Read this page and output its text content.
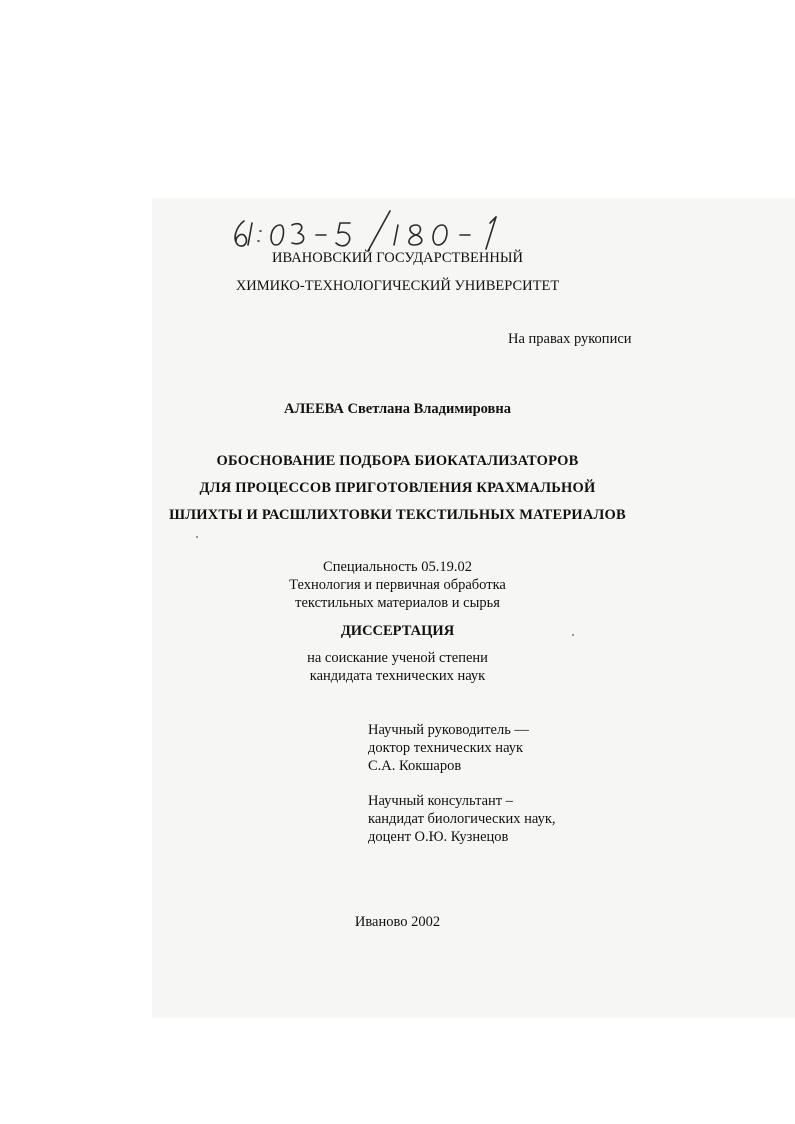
ИВАНОВСКИЙ ГОСУДАРСТВЕННЫЙ
ХИМИКО-ТЕХНОЛОГИЧЕСКИЙ УНИВЕРСИТЕТ
На правах рукописи
АЛЕЕВА Светлана Владимировна
ОБОСНОВАНИЕ ПОДБОРА БИОКАТАЛИЗАТОРОВ
ДЛЯ ПРОЦЕССОВ ПРИГОТОВЛЕНИЯ КРАХМАЛЬНОЙ
ШЛИХТЫ И РАСШЛИХТОВКИ ТЕКСТИЛЬНЫХ МАТЕРИАЛОВ
Специальность 05.19.02
Технология и первичная обработка
текстильных материалов и сырья
ДИССЕРТАЦИЯ
на соискание ученой степени
кандидата технических наук
Научный руководитель —
доктор технических наук
С.А. Кокшаров
Научный консультант –
кандидат биологических наук,
доцент О.Ю. Кузнецов
Иваново 2002
